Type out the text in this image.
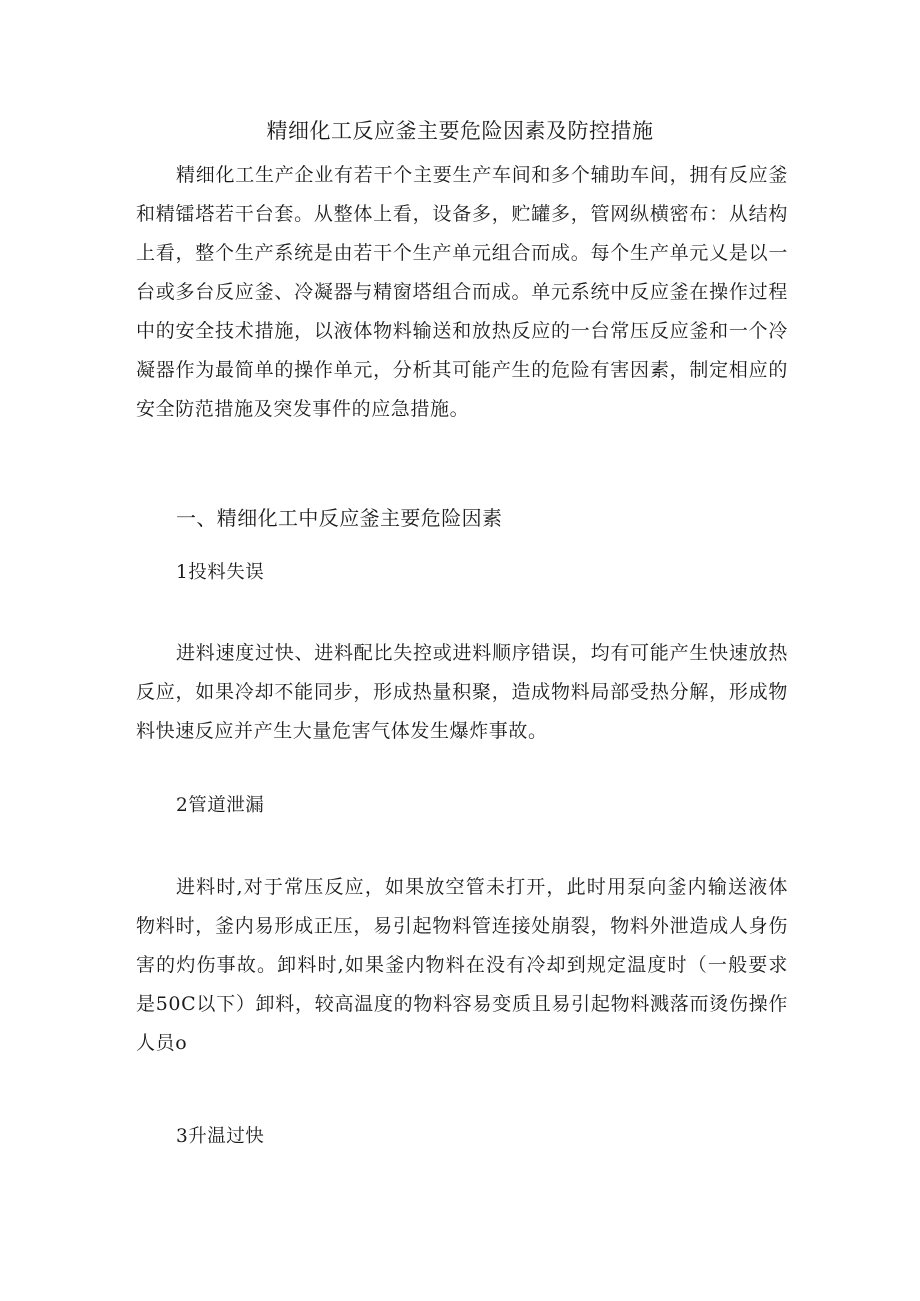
精细化工反应釜主要危险因素及防控措施
精细化工生产企业有若干个主要生产车间和多个辅助车间，拥有反应釜和精镭塔若干台套。从整体上看，设备多，贮罐多，管网纵横密布：从结构上看，整个生产系统是由若干个生产单元组合而成。每个生产单元乂是以一台或多台反应釜、冷凝器与精窗塔组合而成。单元系统中反应釜在操作过程中的安全技术措施，以液体物料输送和放热反应的一台常压反应釜和一个冷凝器作为最简单的操作单元，分析其可能产生的危险有害因素，制定相应的安全防范措施及突发事件的应急措施。
一、精细化工中反应釜主要危险因素
1投料失误
进料速度过快、进料配比失控或进料顺序错误，均有可能产生快速放热反应，如果冷却不能同步，形成热量积聚，造成物料局部受热分解，形成物料快速反应并产生大量危害气体发生爆炸事故。
2管道泄漏
进料时,对于常压反应，如果放空管未打开，此时用泵向釜内输送液体物料时，釜内易形成正压，易引起物料管连接处崩裂，物料外泄造成人身伤害的灼伤事故。卸料时,如果釜内物料在没有冷却到规定温度时（一般要求是50C以下）卸料，较高温度的物料容易变质且易引起物料溅落而烫伤操作人员o
3升温过快
